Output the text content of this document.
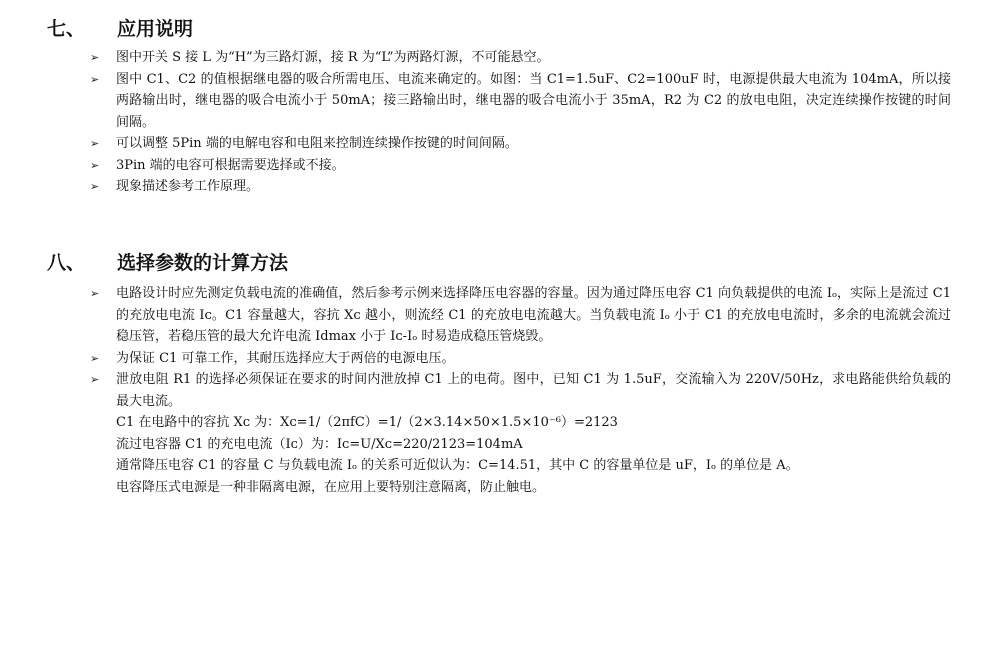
七、	应用说明
➢	图中开关 S 接 L 为“H”为三路灯源，接 R 为“L”为两路灯源，不可能悬空。
➢	图中 C1、C2 的值根据继电器的吸合所需电压、电流来确定的。如图：当 C1=1.5uF、C2=100uF 时，电源提供最大电流为 104mA，所以接两路输出时，继电器的吸合电流小于 50mA；接三路输出时，继电器的吸合电流小于 35mA，R2 为 C2 的放电电阻，决定连续操作按键的时间间隔。
➢	可以调整 5Pin 端的电解电容和电阻来控制连续操作按键的时间间隔。
➢	3Pin 端的电容可根据需要选择或不接。
➢	现象描述参考工作原理。
八、	选择参数的计算方法
➢	电路设计时应先测定负载电流的准确值，然后参考示例来选择降压电容器的容量。因为通过降压电容 C1 向负载提供的电流 Iₒ，实际上是流过 C1 的充放电电流 Iᴄ。C1 容量越大，容抗 Xᴄ 越小，则流经 C1 的充放电电流越大。当负载电流 Iₒ 小于 C1 的充放电电流时，多余的电流就会流过稳压管，若稳压管的最大允许电流 Idmax 小于 Iᴄ-Iₒ 时易造成稳压管烧毁。
➢	为保证 C1 可靠工作，其耐压选择应大于两倍的电源电压。
➢	泄放电阻 R1 的选择必须保证在要求的时间内泄放掉 C1 上的电荷。图中，已知 C1 为 1.5uF，交流输入为 220V/50Hz，求电路能供给负载的最大电流。
C1 在电路中的容抗 Xᴄ 为：Xᴄ=1/（2πfC）=1/（2×3.14×50×1.5×10⁻⁶）=2123
流过电容器 C1 的充电电流（Iᴄ）为：Iᴄ=U/Xᴄ=220/2123=104mA
通常降压电容 C1 的容量 C 与负载电流 Iₒ 的关系可近似认为：C=14.51，其中 C 的容量单位是 uF，Iₒ 的单位是 A。
电容降压式电源是一种非隔离电源，在应用上要特别注意隔离，防止触电。
